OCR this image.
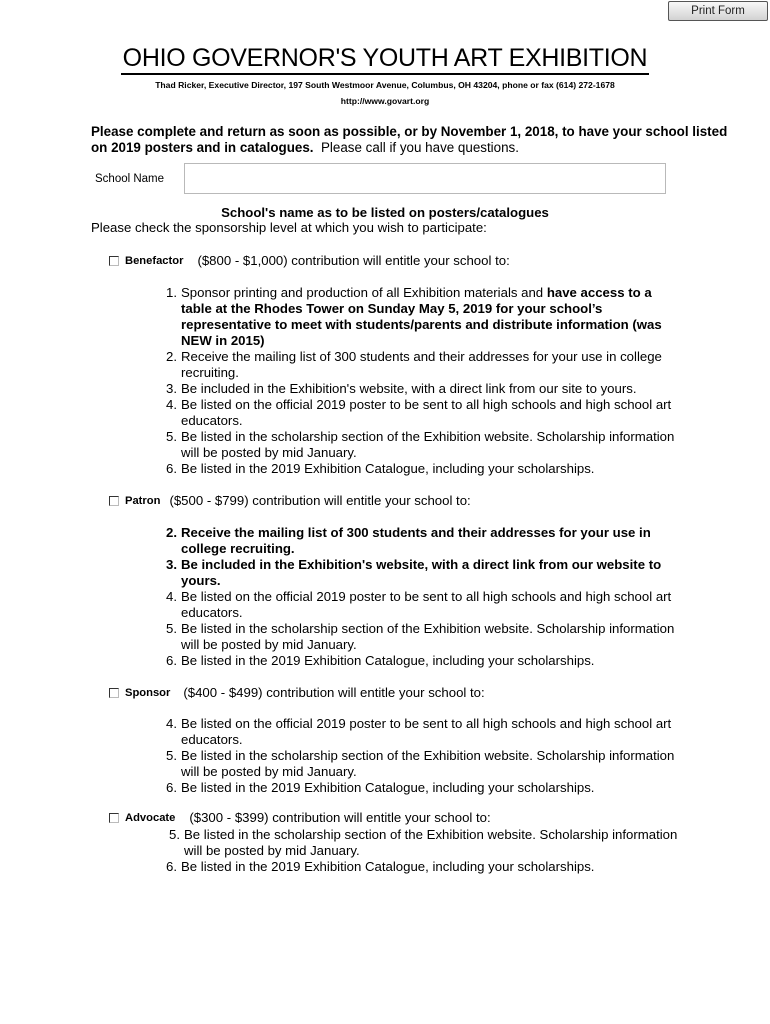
Print Form
OHIO GOVERNOR'S YOUTH ART EXHIBITION
Thad Ricker, Executive Director, 197 South Westmoor Avenue, Columbus, OH 43204, phone or fax (614) 272-1678
http://www.govart.org
Please complete and return as soon as possible, or by November 1, 2018, to have your school listed on 2019 posters and in catalogues. Please call if you have questions.
School Name
School's name as to be listed on posters/catalogues
Please check the sponsorship level at which you wish to participate:
Benefactor ($800 - $1,000) contribution will entitle your school to:
1. Sponsor printing and production of all Exhibition materials and have access to a table at the Rhodes Tower on Sunday May 5, 2019 for your school’s representative to meet with students/parents and distribute information (was NEW in 2015)
2. Receive the mailing list of 300 students and their addresses for your use in college recruiting.
3. Be included in the Exhibition's website, with a direct link from our site to yours.
4. Be listed on the official 2019 poster to be sent to all high schools and high school art educators.
5. Be listed in the scholarship section of the Exhibition website. Scholarship information will be posted by mid January.
6. Be listed in the 2019 Exhibition Catalogue, including your scholarships.
Patron ($500 - $799) contribution will entitle your school to:
2. Receive the mailing list of 300 students and their addresses for your use in college recruiting.
3. Be included in the Exhibition's website, with a direct link from our website to yours.
4. Be listed on the official 2019 poster to be sent to all high schools and high school art educators.
5. Be listed in the scholarship section of the Exhibition website. Scholarship information will be posted by mid January.
6. Be listed in the 2019 Exhibition Catalogue, including your scholarships.
Sponsor ($400 - $499) contribution will entitle your school to:
4. Be listed on the official 2019 poster to be sent to all high schools and high school art educators.
5. Be listed in the scholarship section of the Exhibition website. Scholarship information will be posted by mid January.
6. Be listed in the 2019 Exhibition Catalogue, including your scholarships.
Advocate ($300 - $399) contribution will entitle your school to:
5. Be listed in the scholarship section of the Exhibition website. Scholarship information will be posted by mid January.
6. Be listed in the 2019 Exhibition Catalogue, including your scholarships.
